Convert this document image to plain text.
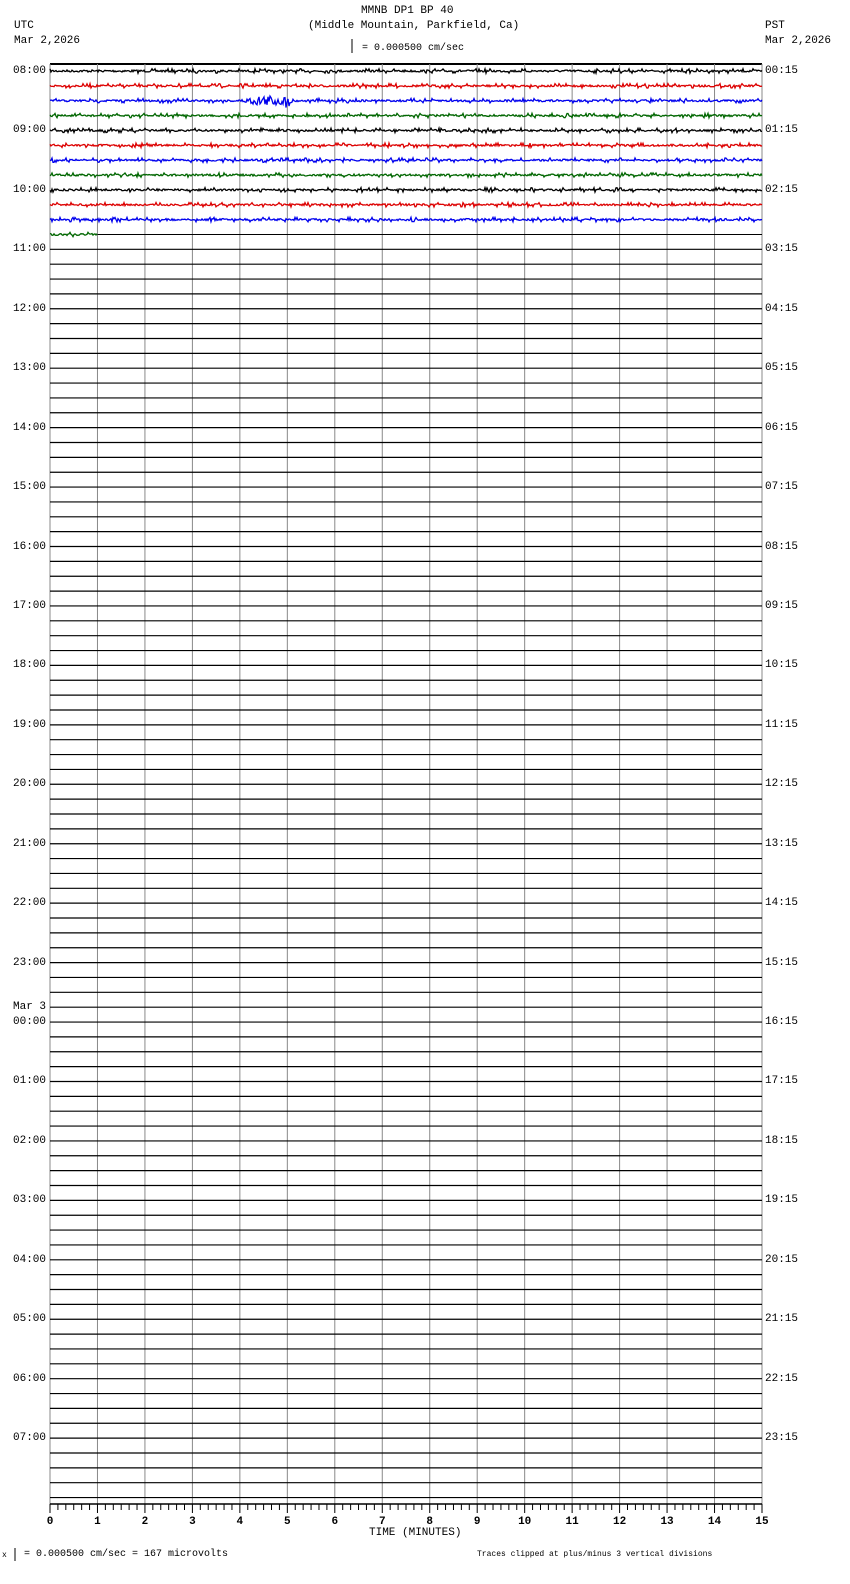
MMNB DP1 BP 40
(Middle Mountain, Parkfield, Ca)
UTC
Mar 2,2026
PST
Mar 2,2026
= 0.000500 cm/sec
x = 0.000500 cm/sec = 167 microvolts	Traces clipped at plus/minus 3 vertical divisions
TIME (MINUTES)
08:00
09:00
10:00
11:00
12:00
13:00
14:00
15:00
16:00
17:00
18:00
19:00
20:00
21:00
22:00
23:00
00:00
Mar 3
01:00
02:00
03:00
04:00
05:00
06:00
07:00
00:15
01:15
02:15
03:15
04:15
05:15
06:15
07:15
08:15
09:15
10:15
11:15
12:15
13:15
14:15
15:15
16:15
17:15
18:15
19:15
20:15
21:15
22:15
23:15
0	1	2	3	4	5	6	7	8	9	10	11	12	13	14	15
